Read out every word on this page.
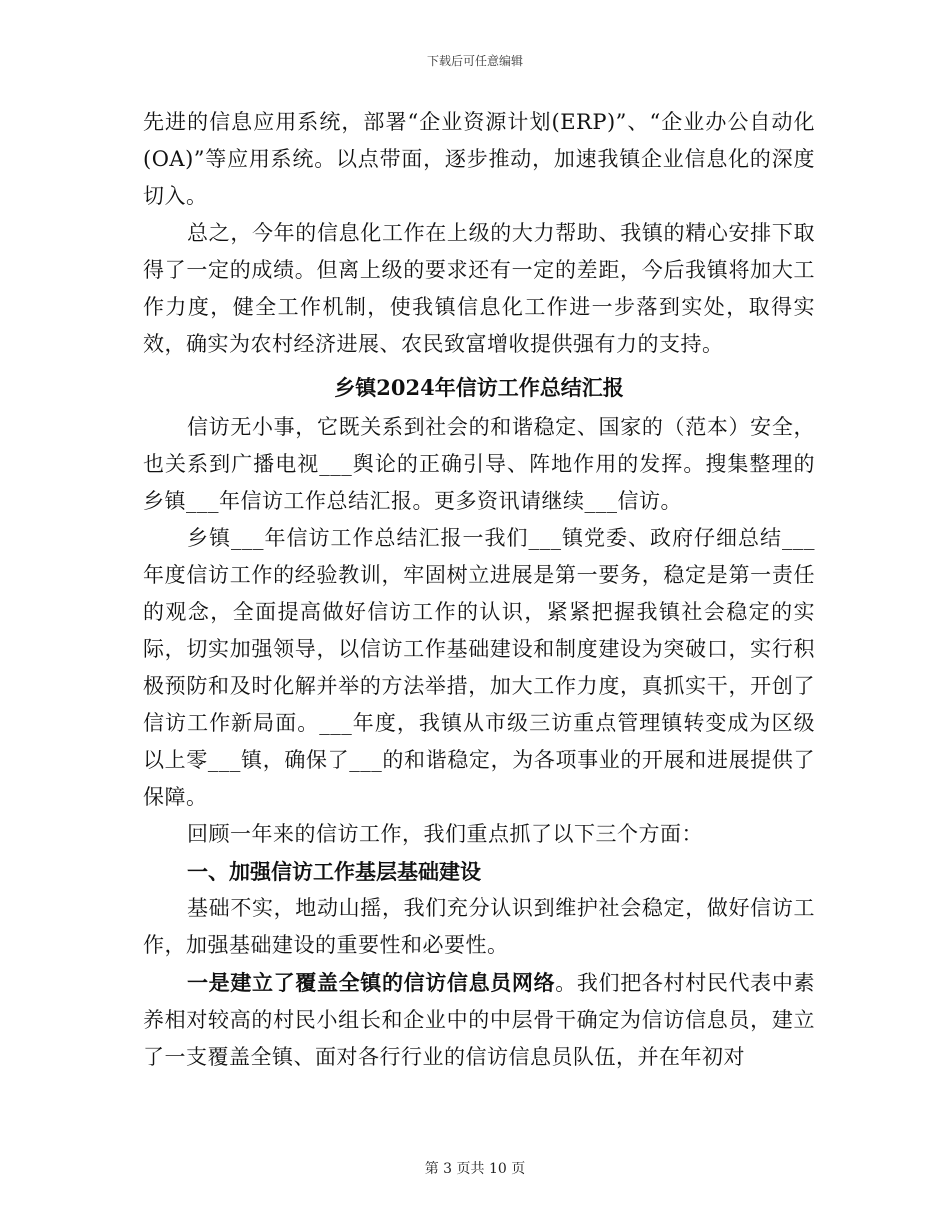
下载后可任意编辑

先进的信息应用系统，部署“企业资源计划(ERP)”、“企业办公自动化(OA)”等应用系统。以点带面，逐步推动，加速我镇企业信息化的深度切入。

总之，今年的信息化工作在上级的大力帮助、我镇的精心安排下取得了一定的成绩。但离上级的要求还有一定的差距，今后我镇将加大工作力度，健全工作机制，使我镇信息化工作进一步落到实处，取得实效，确实为农村经济进展、农民致富增收提供强有力的支持。

乡镇2024年信访工作总结汇报

信访无小事，它既关系到社会的和谐稳定、国家的（范本）安全，也关系到广播电视___舆论的正确引导、阵地作用的发挥。搜集整理的乡镇___年信访工作总结汇报。更多资讯请继续___信访。

乡镇___年信访工作总结汇报一我们___镇党委、政府仔细总结___年度信访工作的经验教训，牢固树立进展是第一要务，稳定是第一责任的观念，全面提高做好信访工作的认识，紧紧把握我镇社会稳定的实际，切实加强领导，以信访工作基础建设和制度建设为突破口，实行积极预防和及时化解并举的方法举措，加大工作力度，真抓实干，开创了信访工作新局面。___年度，我镇从市级三访重点管理镇转变成为区级以上零___镇，确保了___的和谐稳定，为各项事业的开展和进展提供了保障。

回顾一年来的信访工作，我们重点抓了以下三个方面：

一、加强信访工作基层基础建设

基础不实，地动山摇，我们充分认识到维护社会稳定，做好信访工作，加强基础建设的重要性和必要性。

一是建立了覆盖全镇的信访信息员网络。我们把各村村民代表中素养相对较高的村民小组长和企业中的中层骨干确定为信访信息员，建立了一支覆盖全镇、面对各行行业的信访信息员队伍，并在年初对

第 3 页共 10 页
